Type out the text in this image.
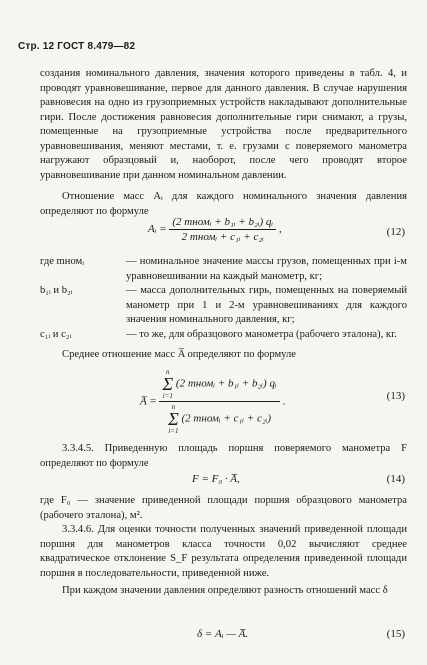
Стр. 12 ГОСТ 8.479—82

создания номинального давления, значения которого приведены в табл. 4, и проводят уравновешивание, первое для данного давления. В случае нарушения равновесия на одно из грузоприемных устройств накладывают дополнительные гири. После достижения равновесия дополнительные гири снимают, а грузы, помещенные на грузоприемные устройства после предварительного уравновешивания, меняют местами, т. е. грузами с поверяемого манометра нагружают образцовый и, наоборот, после чего проводят второе уравновешивание при данном номинальном давлении.

Отношение масс Aᵢ для каждого номинального значения давления определяют по формуле

Aᵢ = $\frac{\text{(2 mномᵢ + b₁ᵢ + b₂ᵢ) qᵢ}}{\text{2 mномᵢ + c₁ᵢ + c₂ᵢ}}$ ,	(12)
где mномᵢ	— номинальное значение массы грузов, помещенных при i-м уравновешивании на каждый манометр, кг;
b₁ᵢ и b₂ᵢ	— масса дополнительных гирь, помещенных на поверяемый манометр при 1 и 2-м уравновешиваниях для каждого значения номинального давления, кг;
c₁ᵢ и c₂ᵢ	— то же, для образцового манометра (рабочего эталона), кг.

Среднее отношение масс A̅ определяют по формуле

A̅ =
n
Σ
i=1
(2 mномᵢ + b₁ᵢ + b₂ᵢ) qᵢ
n
Σ
i=1
(2 mномᵢ + c₁ᵢ + c₂ᵢ)
.	(13)

3.3.4.5. Приведенную площадь поршня поверяемого манометра F определяют по формуле

F = F₀ · A̅,	(14)

где F₀ — значение приведенной площади поршня образцового манометра (рабочего эталона), м².

3.3.4.6. Для оценки точности полученных значений приведенной площади поршня для манометров класса точности 0,02 вычисляют среднее квадратическое отклонение S_F результата определения приведенной площади поршня в последовательности, приведенной ниже.

При каждом значении давления определяют разность отношений масс δ

δ = Aᵢ — A̅.	(15)
